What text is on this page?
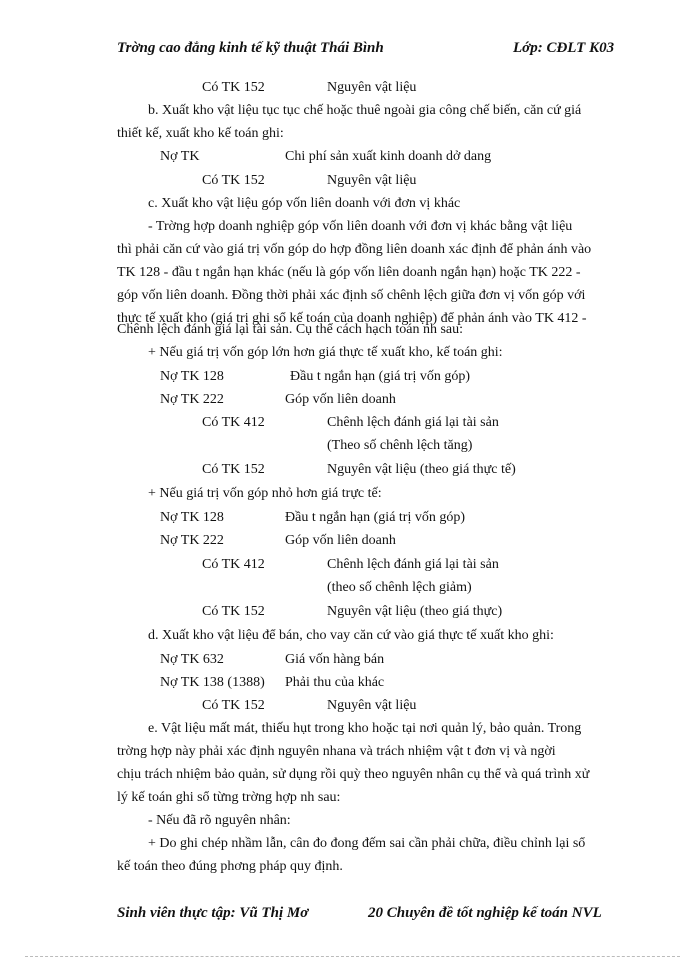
Trờng cao đẳng kinh tế kỹ thuật Thái Bình	Lớp: CĐLT K03
Có TK 152	Nguyên vật liệu
b. Xuất kho vật liệu tục tục chế hoặc thuê ngoài gia công chế biến, căn cứ giá
thiết kế, xuất kho kế toán ghi:
Nợ TK	Chi phí sản xuất kinh doanh dở dang
Có TK 152	Nguyên vật liệu
c. Xuất kho vật liệu góp vốn liên doanh với đơn vị khác
- Trờng hợp doanh nghiệp góp vốn liên doanh với đơn vị khác bằng vật liệu
thì phải căn cứ vào giá trị vốn góp do hợp đồng liên doanh xác định để phản ánh vào
TK 128 - đầu t ngắn hạn khác (nếu là góp vốn liên doanh ngắn hạn) hoặc TK 222 -
góp vốn liên doanh. Đồng thời phải xác định số chênh lệch giữa đơn vị vốn góp với
thực tế xuất kho (giá trị ghi sổ kế toán của doanh nghiệp) để phản ánh vào TK 412 -
Chênh lệch đánh giá lại tài sản. Cụ thể cách hạch toán nh sau:
+ Nếu giá trị vốn góp lớn hơn giá thực tế xuất kho, kế toán ghi:
Nợ TK 128	Đầu t ngắn hạn (giá trị vốn góp)
Nợ TK 222	Góp vốn liên doanh
Có TK 412	Chênh lệch đánh giá lại tài sản
(Theo số chênh lệch tăng)
Có TK 152	Nguyên vật liệu (theo giá thực tế)
+ Nếu giá trị vốn góp nhỏ hơn giá trực tế:
Nợ TK 128	Đầu t ngắn hạn (giá trị vốn góp)
Nợ TK 222	Góp vốn liên doanh
Có TK 412	Chênh lệch đánh giá lại tài sản
(theo số chênh lệch giảm)
Có TK 152	Nguyên vật liệu (theo giá thực)
d. Xuất kho vật liệu để bán, cho vay căn cứ vào giá thực tế xuất kho ghi:
Nợ TK 632	Giá vốn hàng bán
Nợ TK 138 (1388) Phải thu của khác
Có TK 152	Nguyên vật liệu
e. Vật liệu mất mát, thiếu hụt trong kho hoặc tại nơi quản lý, bảo quản. Trong
trờng hợp này phải xác định nguyên nhana và trách nhiệm vật t đơn vị và ngời
chịu trách nhiệm bảo quản, sử dụng rồi quỳ theo nguyên nhân cụ thể và quá trình xử
lý kế toán ghi sổ từng trờng hợp nh sau:
- Nếu đã rõ nguyên nhân:
+ Do ghi chép nhầm lẫn, cân đo đong đếm sai cần phải chữa, điều chỉnh lại sổ
kế toán theo đúng phơng pháp quy định.
Sinh viên thực tập: Vũ Thị Mơ	20 Chuyên đề tốt nghiệp kế toán NVL
